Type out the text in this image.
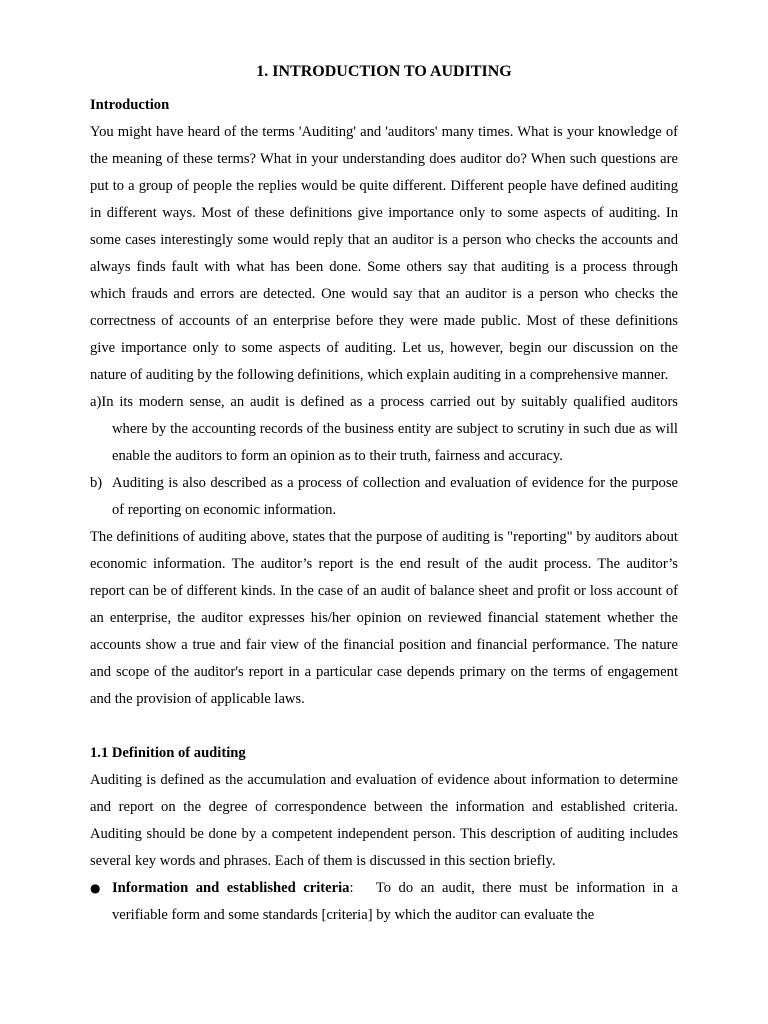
1. INTRODUCTION TO AUDITING
Introduction

You might have heard of the terms 'Auditing' and 'auditors' many times. What is your knowledge of the meaning of these terms? What in your understanding does auditor do? When such questions are put to a group of people the replies would be quite different. Different people have defined auditing in different ways. Most of these definitions give importance only to some aspects of auditing. In some cases interestingly some would reply that an auditor is a person who checks the accounts and always finds fault with what has been done. Some others say that auditing is a process through which frauds and errors are detected. One would say that an auditor is a person who checks the correctness of accounts of an enterprise before they were made public. Most of these definitions give importance only to some aspects of auditing. Let us, however, begin our discussion on the nature of auditing by the following definitions, which explain auditing in a comprehensive manner.

a)In its modern sense, an audit is defined as a process carried out by suitably qualified auditors where by the accounting records of the business entity are subject to scrutiny in such due as will enable the auditors to form an opinion as to their truth, fairness and accuracy.
b) Auditing is also described as a process of collection and evaluation of evidence for the purpose of reporting on economic information.

The definitions of auditing above, states that the purpose of auditing is "reporting" by auditors about economic information. The auditor’s report is the end result of the audit process. The auditor’s report can be of different kinds. In the case of an audit of balance sheet and profit or loss account of an enterprise, the auditor expresses his/her opinion on reviewed financial statement whether the accounts show a true and fair view of the financial position and financial performance. The nature and scope of the auditor's report in a particular case depends primary on the terms of engagement and the provision of applicable laws.

1.1 Definition of auditing

Auditing is defined as the accumulation and evaluation of evidence about information to determine and report on the degree of correspondence between the information and established criteria. Auditing should be done by a competent independent person. This description of auditing includes several key words and phrases. Each of them is discussed in this section briefly.

● Information and established criteria:   To do an audit, there must be information in a verifiable form and some standards [criteria] by which the auditor can evaluate the
